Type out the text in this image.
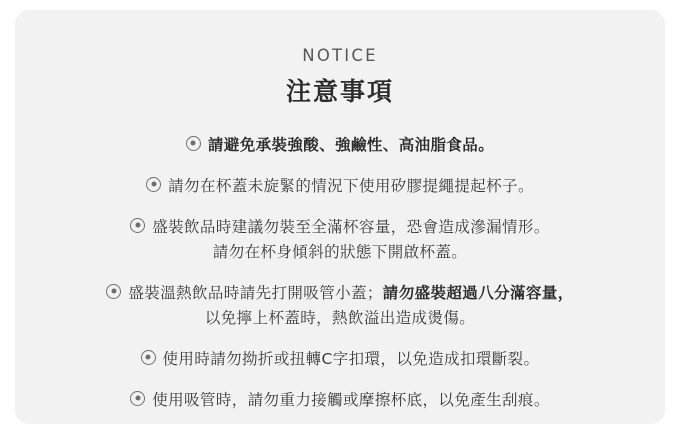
NOTICE
注意事項
請避免承裝強酸、強鹼性、高油脂食品。
請勿在杯蓋未旋緊的情況下使用矽膠提繩提起杯子。
盛裝飲品時建議勿裝至全滿杯容量，恐會造成滲漏情形。
請勿在杯身傾斜的狀態下開啟杯蓋。
盛裝溫熱飲品時請先打開吸管小蓋；請勿盛裝超過八分滿容量，
以免擰上杯蓋時，熱飲溢出造成燙傷。
使用時請勿拗折或扭轉C字扣環，以免造成扣環斷裂。
使用吸管時，請勿重力接觸或摩擦杯底，以免產生刮痕。
